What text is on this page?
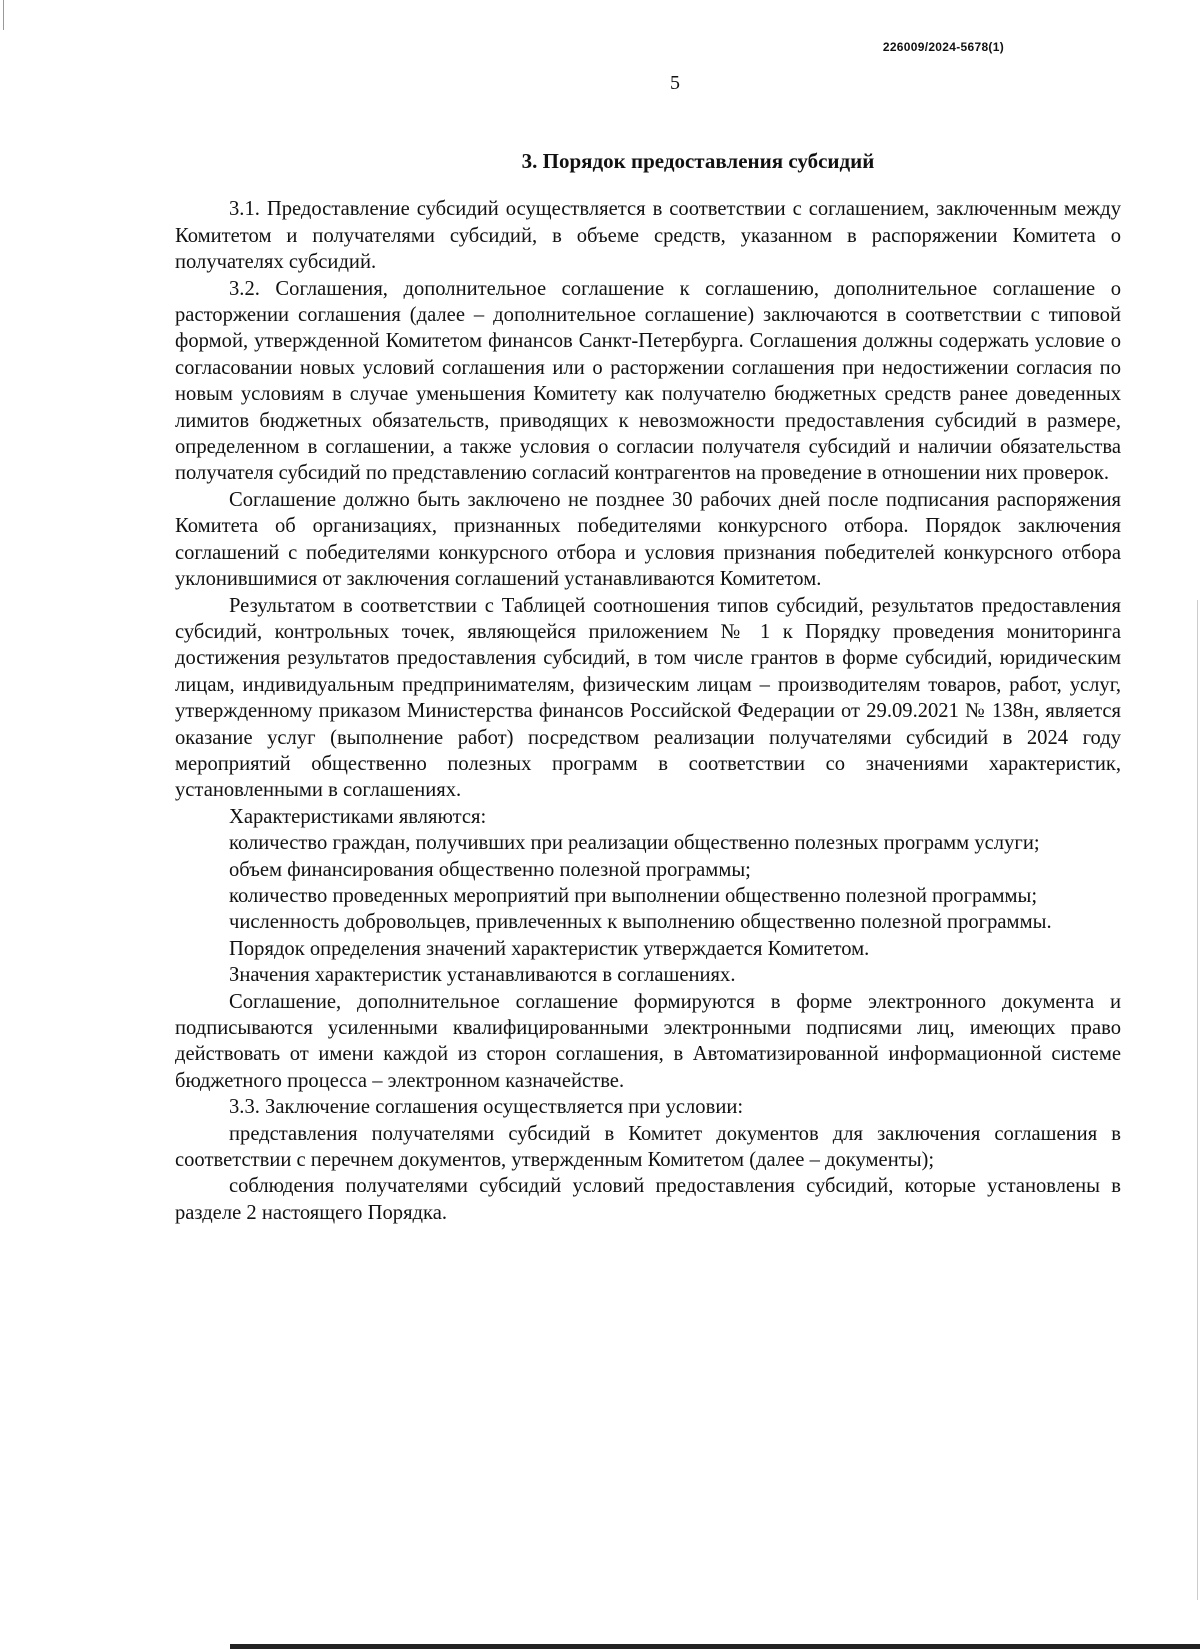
226009/2024-5678(1)
5

3. Порядок предоставления субсидий

3.1. Предоставление субсидий осуществляется в соответствии с соглашением, заключенным между Комитетом и получателями субсидий, в объеме средств, указанном в распоряжении Комитета о получателях субсидий.

3.2. Соглашения, дополнительное соглашение к соглашению, дополнительное соглашение о расторжении соглашения (далее – дополнительное соглашение) заключаются в соответствии с типовой формой, утвержденной Комитетом финансов Санкт-Петербурга. Соглашения должны содержать условие о согласовании новых условий соглашения или о расторжении соглашения при недостижении согласия по новым условиям в случае уменьшения Комитету как получателю бюджетных средств ранее доведенных лимитов бюджетных обязательств, приводящих к невозможности предоставления субсидий в размере, определенном в соглашении, а также условия о согласии получателя субсидий и наличии обязательства получателя субсидий по представлению согласий контрагентов на проведение в отношении них проверок.

Соглашение должно быть заключено не позднее 30 рабочих дней после подписания распоряжения Комитета об организациях, признанных победителями конкурсного отбора. Порядок заключения соглашений с победителями конкурсного отбора и условия признания победителей конкурсного отбора уклонившимися от заключения соглашений устанавливаются Комитетом.

Результатом в соответствии с Таблицей соотношения типов субсидий, результатов предоставления субсидий, контрольных точек, являющейся приложением № 1 к Порядку проведения мониторинга достижения результатов предоставления субсидий, в том числе грантов в форме субсидий, юридическим лицам, индивидуальным предпринимателям, физическим лицам – производителям товаров, работ, услуг, утвержденному приказом Министерства финансов Российской Федерации от 29.09.2021 № 138н, является оказание услуг (выполнение работ) посредством реализации получателями субсидий в 2024 году мероприятий общественно полезных программ в соответствии со значениями характеристик, установленными в соглашениях.

Характеристиками являются:

количество граждан, получивших при реализации общественно полезных программ услуги;

объем финансирования общественно полезной программы;

количество проведенных мероприятий при выполнении общественно полезной программы;

численность добровольцев, привлеченных к выполнению общественно полезной программы.

Порядок определения значений характеристик утверждается Комитетом.

Значения характеристик устанавливаются в соглашениях.

Соглашение, дополнительное соглашение формируются в форме электронного документа и подписываются усиленными квалифицированными электронными подписями лиц, имеющих право действовать от имени каждой из сторон соглашения, в Автоматизированной информационной системе бюджетного процесса – электронном казначействе.

3.3. Заключение соглашения осуществляется при условии:

представления получателями субсидий в Комитет документов для заключения соглашения в соответствии с перечнем документов, утвержденным Комитетом (далее – документы);

соблюдения получателями субсидий условий предоставления субсидий, которые установлены в разделе 2 настоящего Порядка.
